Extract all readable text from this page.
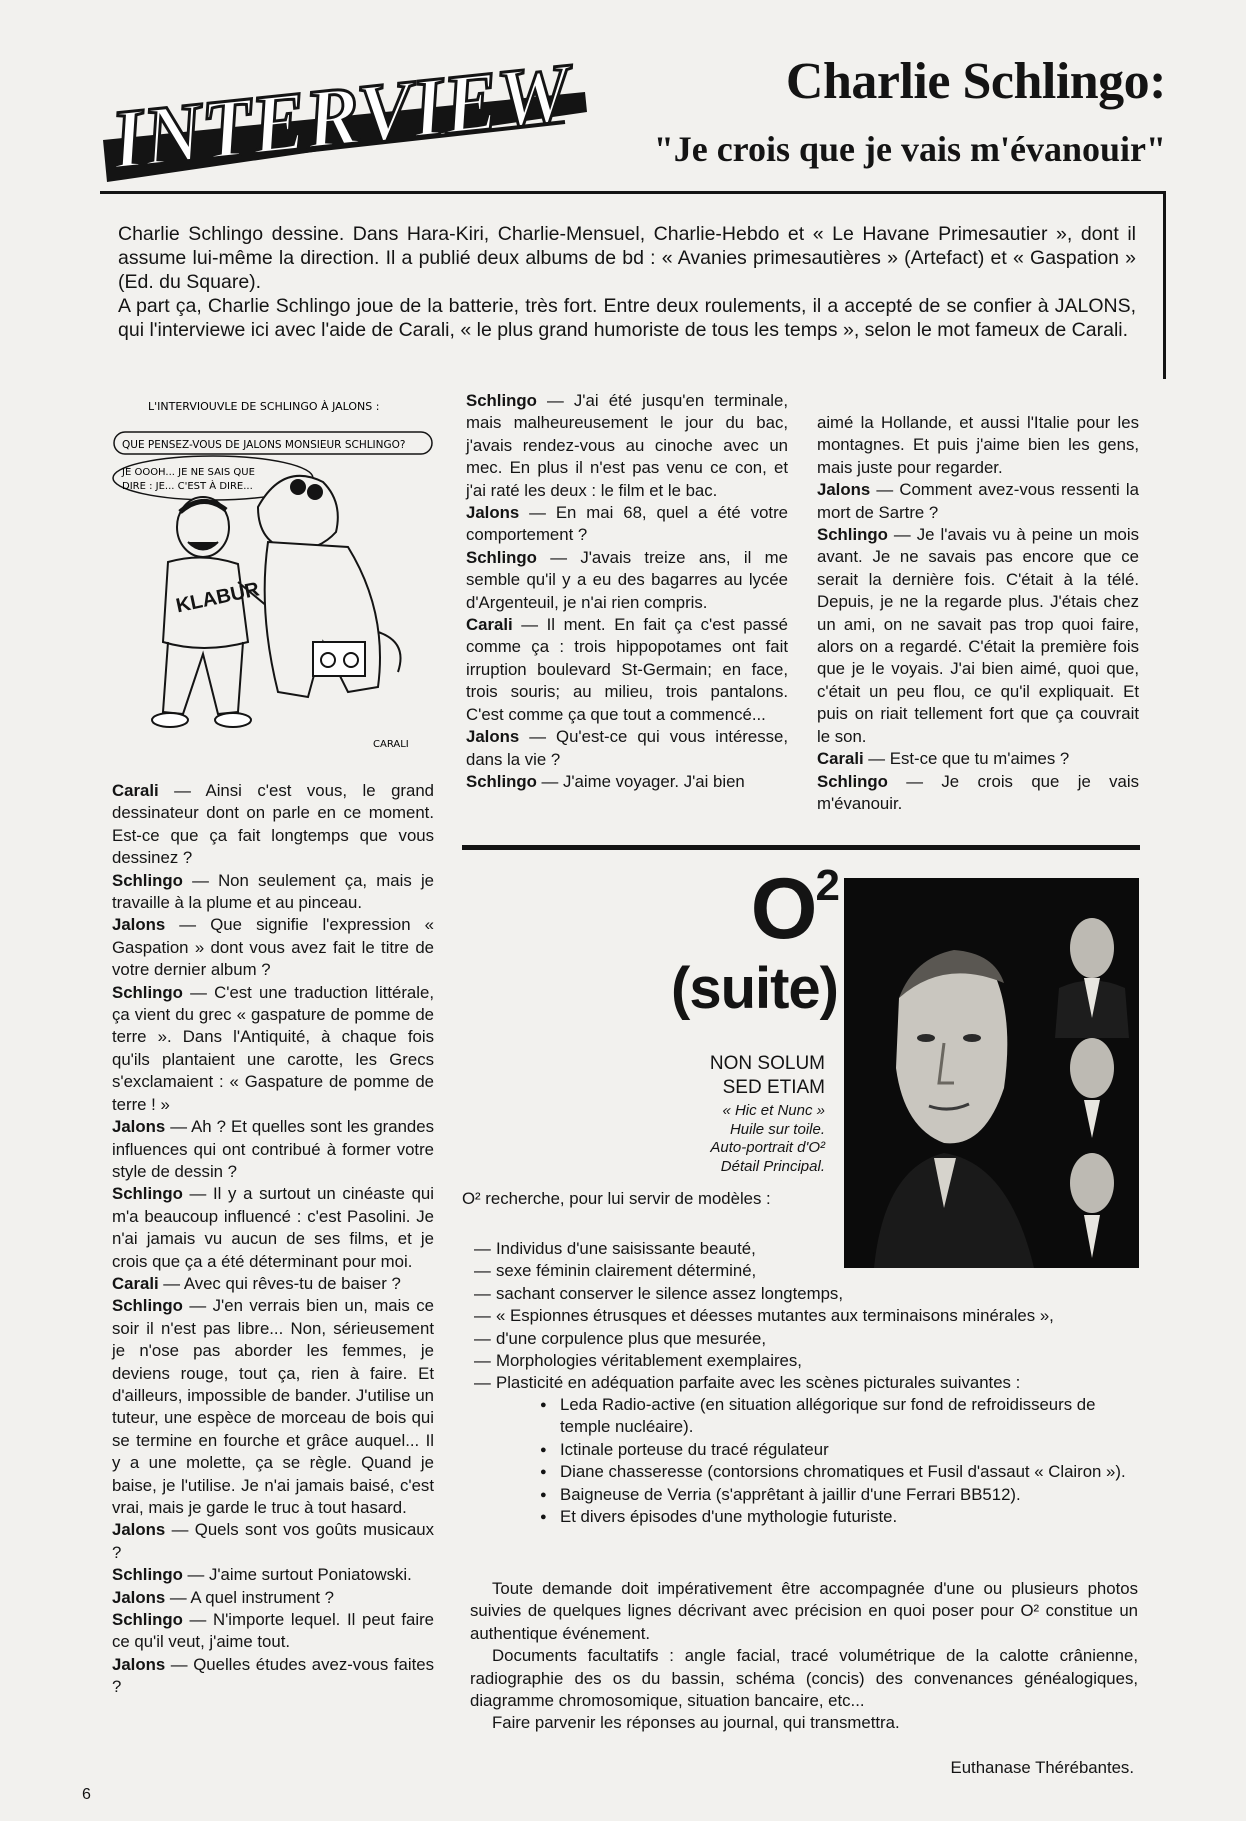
INTERVIEW	Charlie Schlingo:
"Je crois que je vais m'évanouir"

Charlie Schlingo dessine. Dans Hara-Kiri, Charlie-Mensuel, Charlie-Hebdo et « Le Havane Primesautier », dont il assume lui-même la direction. Il a publié deux albums de bd : « Avanies primesautières » (Artefact) et « Gaspation » (Ed. du Square).

A part ça, Charlie Schlingo joue de la batterie, très fort. Entre deux roulements, il a accepté de se confier à JALONS, qui l'interviewe ici avec l'aide de Carali, « le plus grand humoriste de tous les temps », selon le mot fameux de Carali.

L'INTERVIOUVLE DE SCHLINGO À JALONS :
QUE PENSEZ-VOUS DE JALONS MONSIEUR SCHLINGO?
JE OOOH... JE NE SAIS QUE
DIRE : JE... C'EST À DIRE...
KLABUR
CARALI

Carali — Ainsi c'est vous, le grand dessinateur dont on parle en ce moment. Est-ce que ça fait longtemps que vous dessinez ?

Schlingo — Non seulement ça, mais je travaille à la plume et au pinceau.

Jalons — Que signifie l'expression « Gaspation » dont vous avez fait le titre de votre dernier album ?

Schlingo — C'est une traduction littérale, ça vient du grec « gaspature de pomme de terre ». Dans l'Antiquité, à chaque fois qu'ils plantaient une carotte, les Grecs s'exclamaient : « Gaspature de pomme de terre ! »

Jalons — Ah ? Et quelles sont les grandes influences qui ont contribué à former votre style de dessin ?

Schlingo — Il y a surtout un cinéaste qui m'a beaucoup influencé : c'est Pasolini. Je n'ai jamais vu aucun de ses films, et je crois que ça a été déterminant pour moi.

Carali — Avec qui rêves-tu de baiser ?

Schlingo — J'en verrais bien un, mais ce soir il n'est pas libre... Non, sérieusement je n'ose pas aborder les femmes, je deviens rouge, tout ça, rien à faire. Et d'ailleurs, impossible de bander. J'utilise un tuteur, une espèce de morceau de bois qui se termine en fourche et grâce auquel... Il y a une molette, ça se règle. Quand je baise, je l'utilise. Je n'ai jamais baisé, c'est vrai, mais je garde le truc à tout hasard.

Jalons — Quels sont vos goûts musicaux ?

Schlingo — J'aime surtout Poniatowski.

Jalons — A quel instrument ?

Schlingo — N'importe lequel. Il peut faire ce qu'il veut, j'aime tout.

Jalons — Quelles études avez-vous faites ?

Schlingo — J'ai été jusqu'en terminale, mais malheureusement le jour du bac, j'avais rendez-vous au cinoche avec un mec. En plus il n'est pas venu ce con, et j'ai raté les deux : le film et le bac.

Jalons — En mai 68, quel a été votre comportement ?

Schlingo — J'avais treize ans, il me semble qu'il y a eu des bagarres au lycée d'Argenteuil, je n'ai rien compris.

Carali — Il ment. En fait ça c'est passé comme ça : trois hippopotames ont fait irruption boulevard St-Germain; en face, trois souris; au milieu, trois pantalons. C'est comme ça que tout a commencé...

Jalons — Qu'est-ce qui vous intéresse, dans la vie ?

Schlingo — J'aime voyager. J'ai bien

aimé la Hollande, et aussi l'Italie pour les montagnes. Et puis j'aime bien les gens, mais juste pour regarder.

Jalons — Comment avez-vous ressenti la mort de Sartre ?

Schlingo — Je l'avais vu à peine un mois avant. Je ne savais pas encore que ce serait la dernière fois. C'était à la télé. Depuis, je ne la regarde plus. J'étais chez un ami, on ne savait pas trop quoi faire, alors on a regardé. C'était la première fois que je le voyais. J'ai bien aimé, quoi que, c'était un peu flou, ce qu'il expliquait. Et puis on riait tellement fort que ça couvrait le son.

Carali — Est-ce que tu m'aimes ?

Schlingo — Je crois que je vais m'évanouir.

$O^2$
(suite)
NON SOLUM
SED ETIAM
« Hic et Nunc »
Huile sur toile.
Auto-portrait d'O²
Détail Principal.

O² recherche, pour lui servir de modèles :

— Individus d'une saisissante beauté,
— sexe féminin clairement déterminé,
— sachant conserver le silence assez longtemps,
— « Espionnes étrusques et déesses mutantes aux terminaisons minérales »,
— d'une corpulence plus que mesurée,
— Morphologies véritablement exemplaires,
— Plasticité en adéquation parfaite avec les scènes picturales suivantes :
● Leda Radio-active (en situation allégorique sur fond de refroidisseurs de temple nucléaire).
● Ictinale porteuse du tracé régulateur
● Diane chasseresse (contorsions chromatiques et Fusil d'assaut « Clairon »).
● Baigneuse de Verria (s'apprêtant à jaillir d'une Ferrari BB512).
● Et divers épisodes d'une mythologie futuriste.

Toute demande doit impérativement être accompagnée d'une ou plusieurs photos suivies de quelques lignes décrivant avec précision en quoi poser pour O² constitue un authentique événement.

Documents facultatifs : angle facial, tracé volumétrique de la calotte crânienne, radiographie des os du bassin, schéma (concis) des convenances généalogiques, diagramme chromosomique, situation bancaire, etc...

Faire parvenir les réponses au journal, qui transmettra.

Euthanase Thérébantes.
6
